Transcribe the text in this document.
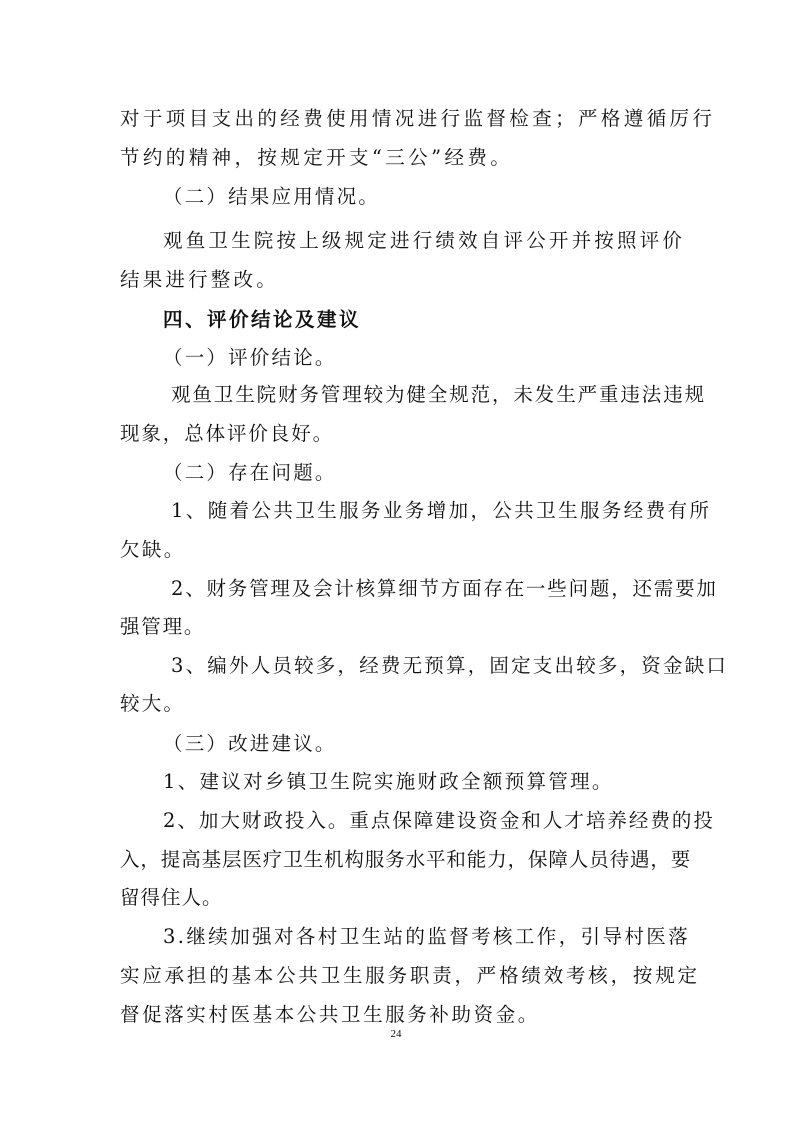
对于项目支出的经费使用情况进行监督检查；严格遵循厉行
节约的精神，按规定开支“三公”经费。
（二）结果应用情况。
观鱼卫生院按上级规定进行绩效自评公开并按照评价
结果进行整改。
四、评价结论及建议
（一）评价结论。
观鱼卫生院财务管理较为健全规范，未发生严重违法违规
现象，总体评价良好。
（二）存在问题。
1、随着公共卫生服务业务增加，公共卫生服务经费有所
欠缺。
2、财务管理及会计核算细节方面存在一些问题，还需要加
强管理。
3、编外人员较多，经费无预算，固定支出较多，资金缺口
较大。
（三）改进建议。
1、建议对乡镇卫生院实施财政全额预算管理。
2、加大财政投入。重点保障建设资金和人才培养经费的投
入，提高基层医疗卫生机构服务水平和能力，保障人员待遇，要
留得住人。
3.继续加强对各村卫生站的监督考核工作，引导村医落
实应承担的基本公共卫生服务职责，严格绩效考核，按规定
督促落实村医基本公共卫生服务补助资金。
24
